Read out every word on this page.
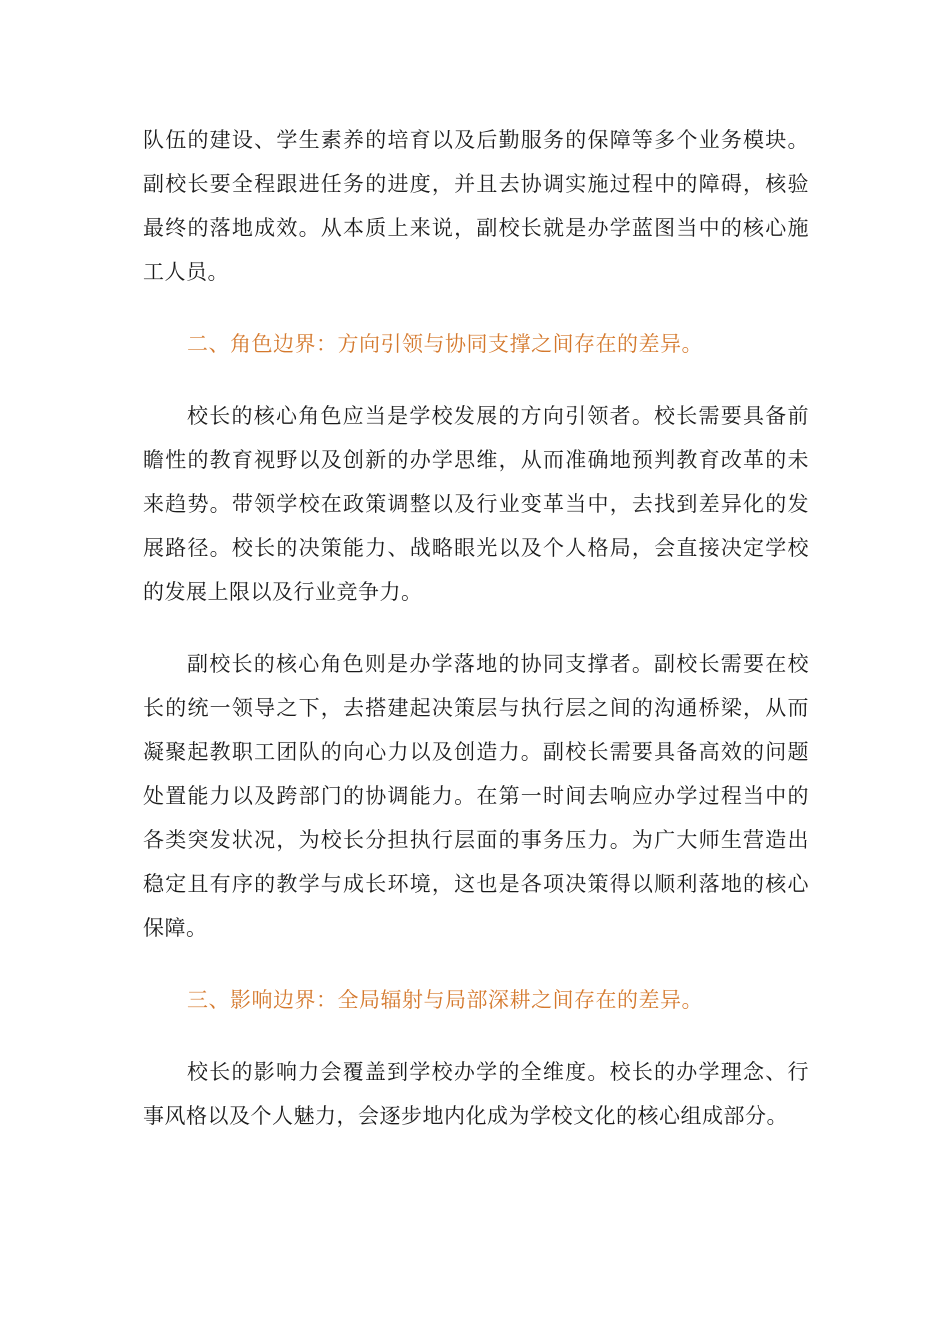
队伍的建设、学生素养的培育以及后勤服务的保障等多个业务模块。副校长要全程跟进任务的进度，并且去协调实施过程中的障碍，核验最终的落地成效。从本质上来说，副校长就是办学蓝图当中的核心施工人员。

二、角色边界：方向引领与协同支撑之间存在的差异。

校长的核心角色应当是学校发展的方向引领者。校长需要具备前瞻性的教育视野以及创新的办学思维，从而准确地预判教育改革的未来趋势。带领学校在政策调整以及行业变革当中，去找到差异化的发展路径。校长的决策能力、战略眼光以及个人格局，会直接决定学校的发展上限以及行业竞争力。

副校长的核心角色则是办学落地的协同支撑者。副校长需要在校长的统一领导之下，去搭建起决策层与执行层之间的沟通桥梁，从而凝聚起教职工团队的向心力以及创造力。副校长需要具备高效的问题处置能力以及跨部门的协调能力。在第一时间去响应办学过程当中的各类突发状况，为校长分担执行层面的事务压力。为广大师生营造出稳定且有序的教学与成长环境，这也是各项决策得以顺利落地的核心保障。

三、影响边界：全局辐射与局部深耕之间存在的差异。

校长的影响力会覆盖到学校办学的全维度。校长的办学理念、行事风格以及个人魅力，会逐步地内化成为学校文化的核心组成部分。
